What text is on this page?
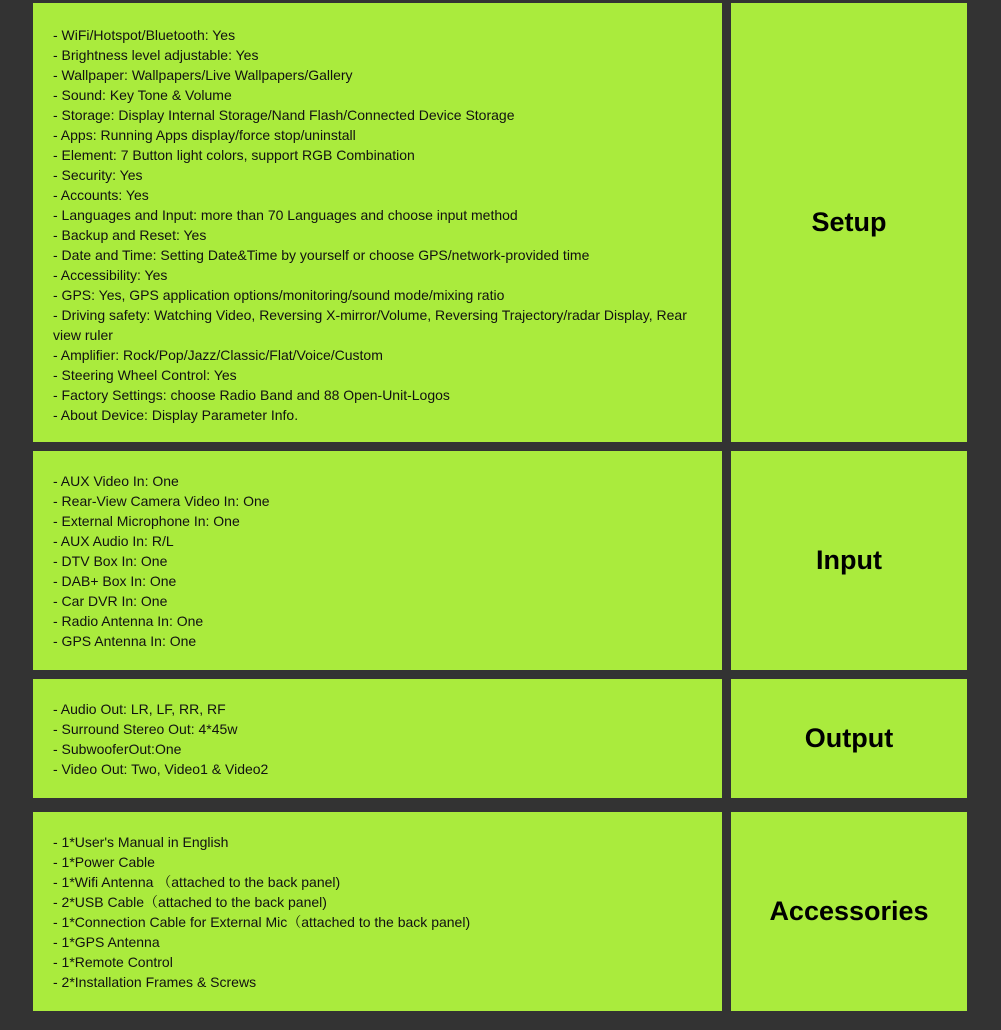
- WiFi/Hotspot/Bluetooth: Yes
- Brightness level adjustable: Yes
- Wallpaper: Wallpapers/Live Wallpapers/Gallery
- Sound: Key Tone & Volume
- Storage: Display Internal Storage/Nand Flash/Connected Device Storage
- Apps: Running Apps display/force stop/uninstall
- Element: 7 Button light colors, support RGB Combination
- Security: Yes
- Accounts: Yes
- Languages and Input: more than 70 Languages and choose input method
- Backup and Reset: Yes
- Date and Time: Setting Date&Time by yourself or choose GPS/network-provided time
- Accessibility: Yes
- GPS: Yes, GPS application options/monitoring/sound mode/mixing ratio
- Driving safety: Watching Video, Reversing X-mirror/Volume, Reversing Trajectory/radar Display, Rear view ruler
- Amplifier: Rock/Pop/Jazz/Classic/Flat/Voice/Custom
- Steering Wheel Control: Yes
- Factory Settings: choose Radio Band and 88 Open-Unit-Logos
- About Device: Display Parameter Info.
Setup
- AUX Video In: One
- Rear-View Camera Video In: One
- External Microphone In: One
- AUX Audio In: R/L
- DTV Box In: One
- DAB+ Box In: One
- Car DVR In: One
- Radio Antenna In: One
- GPS Antenna In: One
Input
- Audio Out: LR, LF, RR, RF
- Surround Stereo Out: 4*45w
- SubwooferOut:One
- Video Out: Two, Video1 & Video2
Output
- 1*User's Manual in English
- 1*Power Cable
- 1*Wifi Antenna （attached to the back panel)
- 2*USB Cable（attached to the back panel)
- 1*Connection Cable for External Mic（attached to the back panel)
- 1*GPS Antenna
- 1*Remote Control
- 2*Installation Frames & Screws
Accessories
